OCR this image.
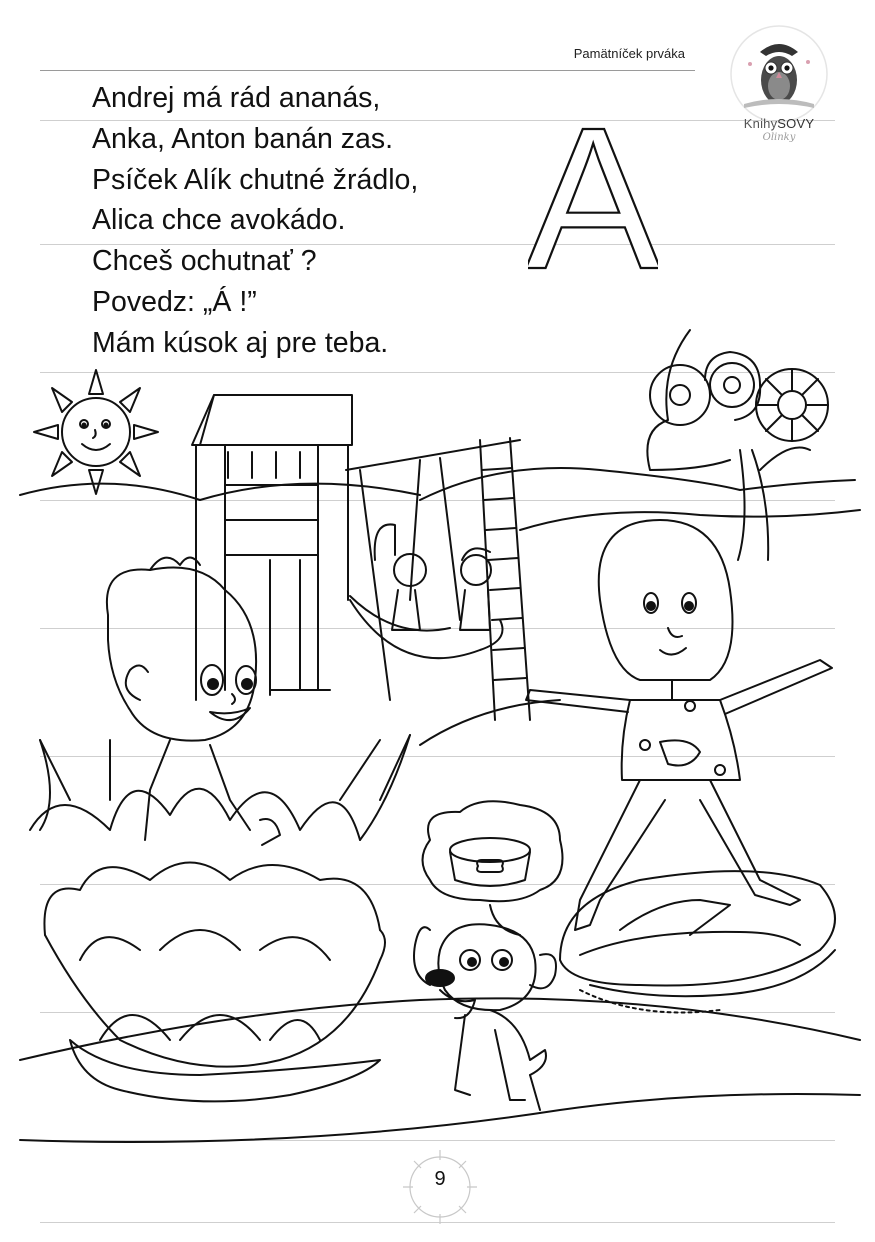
Pamätníček prváka
KnihySOVY
Olinky
Andrej má rád ananás,
Anka, Anton banán zas.
Psíček Alík chutné žrádlo,
Alica chce avokádo.
Chceš ochutnať ?
Povedz: „Á !”
Mám kúsok aj pre teba.
A
9
